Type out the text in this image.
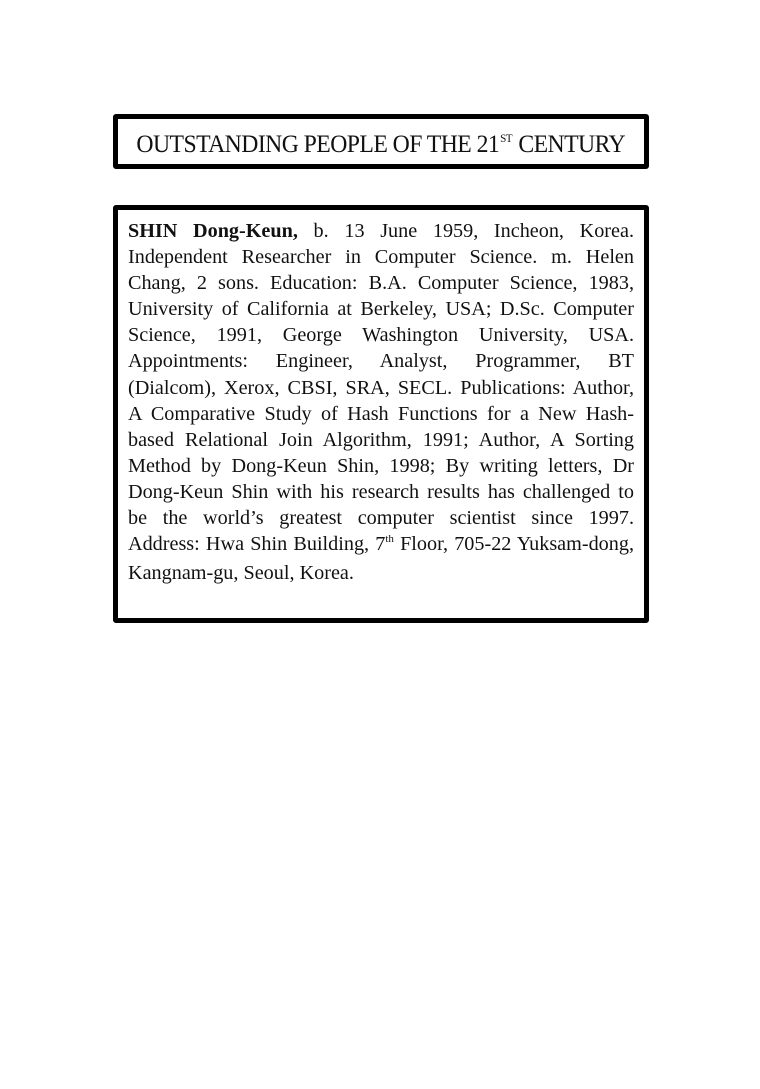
OUTSTANDING PEOPLE OF THE 21ST CENTURY

SHIN Dong-Keun, b. 13 June 1959, Incheon, Korea. Independent Researcher in Computer Science. m. Helen Chang, 2 sons. Education: B.A. Computer Science, 1983, University of California at Berkeley, USA; D.Sc. Computer Science, 1991, George Washington University, USA. Appointments: Engineer, Analyst, Programmer, BT (Dialcom), Xerox, CBSI, SRA, SECL. Publications: Author, A Comparative Study of Hash Functions for a New Hash-based Relational Join Algorithm, 1991; Author, A Sorting Method by Dong-Keun Shin, 1998; By writing letters, Dr Dong-Keun Shin with his research results has challenged to be the world’s greatest computer scientist since 1997. Address: Hwa Shin Building, 7th Floor, 705-22 Yuksam-dong, Kangnam-gu, Seoul, Korea.
